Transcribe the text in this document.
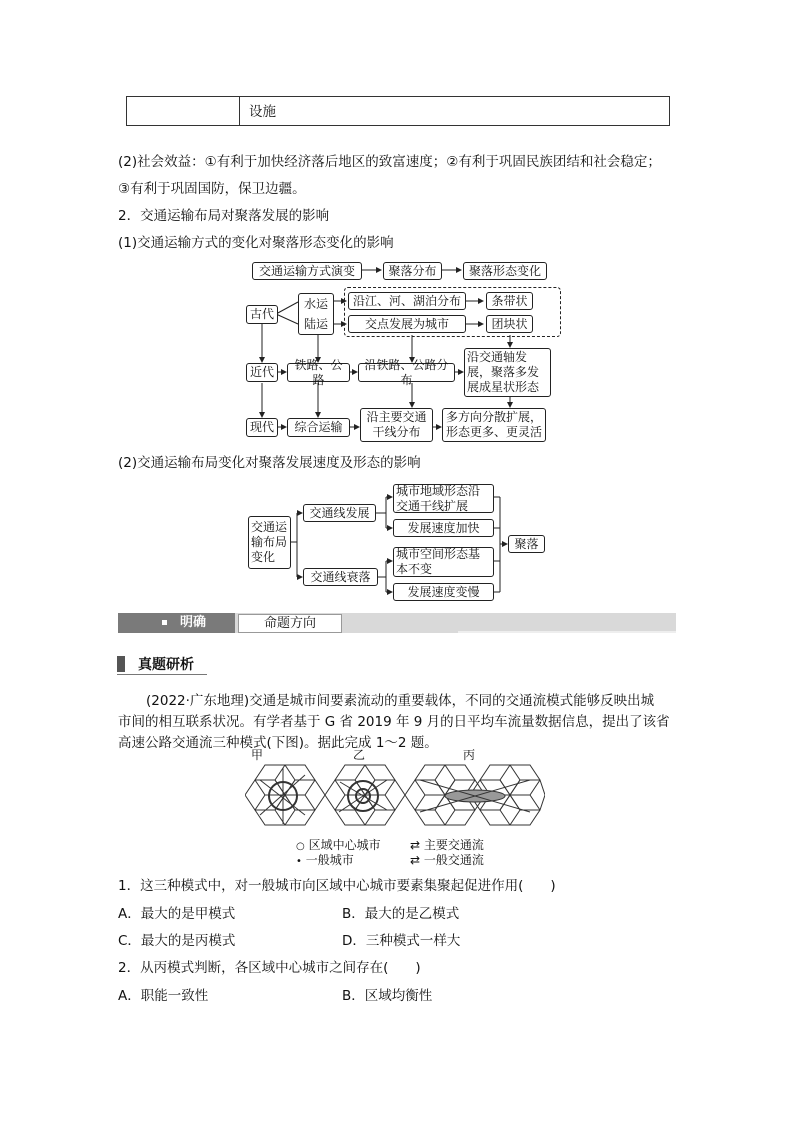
设施
(2)社会效益：①有利于加快经济落后地区的致富速度；②有利于巩固民族团结和社会稳定；
③有利于巩固国防，保卫边疆。
2．交通运输布局对聚落发展的影响
(1)交通运输方式的变化对聚落形态变化的影响
交通运输方式演变	聚落分布	聚落形态变化
古代
水运
陆运
沿江、河、湖泊分布
交点发展为城市
条带状
团块状
近代
铁路、公路
沿铁路、公路分布
沿交通轴发展，聚落多发展成星状形态
现代	综合运输
沿主要交通干线分布
多方向分散扩展，形态更多、更灵活
(2)交通运输布局变化对聚落发展速度及形态的影响
交通运输布局变化
交通线发展
交通线衰落
城市地域形态沿交通干线扩展
发展速度加快
城市空间形态基本不变
发展速度变慢
聚落
明确	命题方向
真题研析
(2022·广东地理)交通是城市间要素流动的重要载体，不同的交通流模式能够反映出城
市间的相互联系状况。有学者基于 G 省 2019 年 9 月的日平均车流量数据信息，提出了该省
高速公路交通流三种模式(下图)。据此完成 1～2 题。
甲	乙	丙
○ 区域中心城市
• 一般城市
⇄ 主要交通流
⇄ 一般交通流
1．这三种模式中，对一般城市向区域中心城市要素集聚起促进作用(　　)
A．最大的是甲模式	B．最大的是乙模式
C．最大的是丙模式	D．三种模式一样大
2．从丙模式判断，各区域中心城市之间存在(　　)
A．职能一致性	B．区域均衡性
